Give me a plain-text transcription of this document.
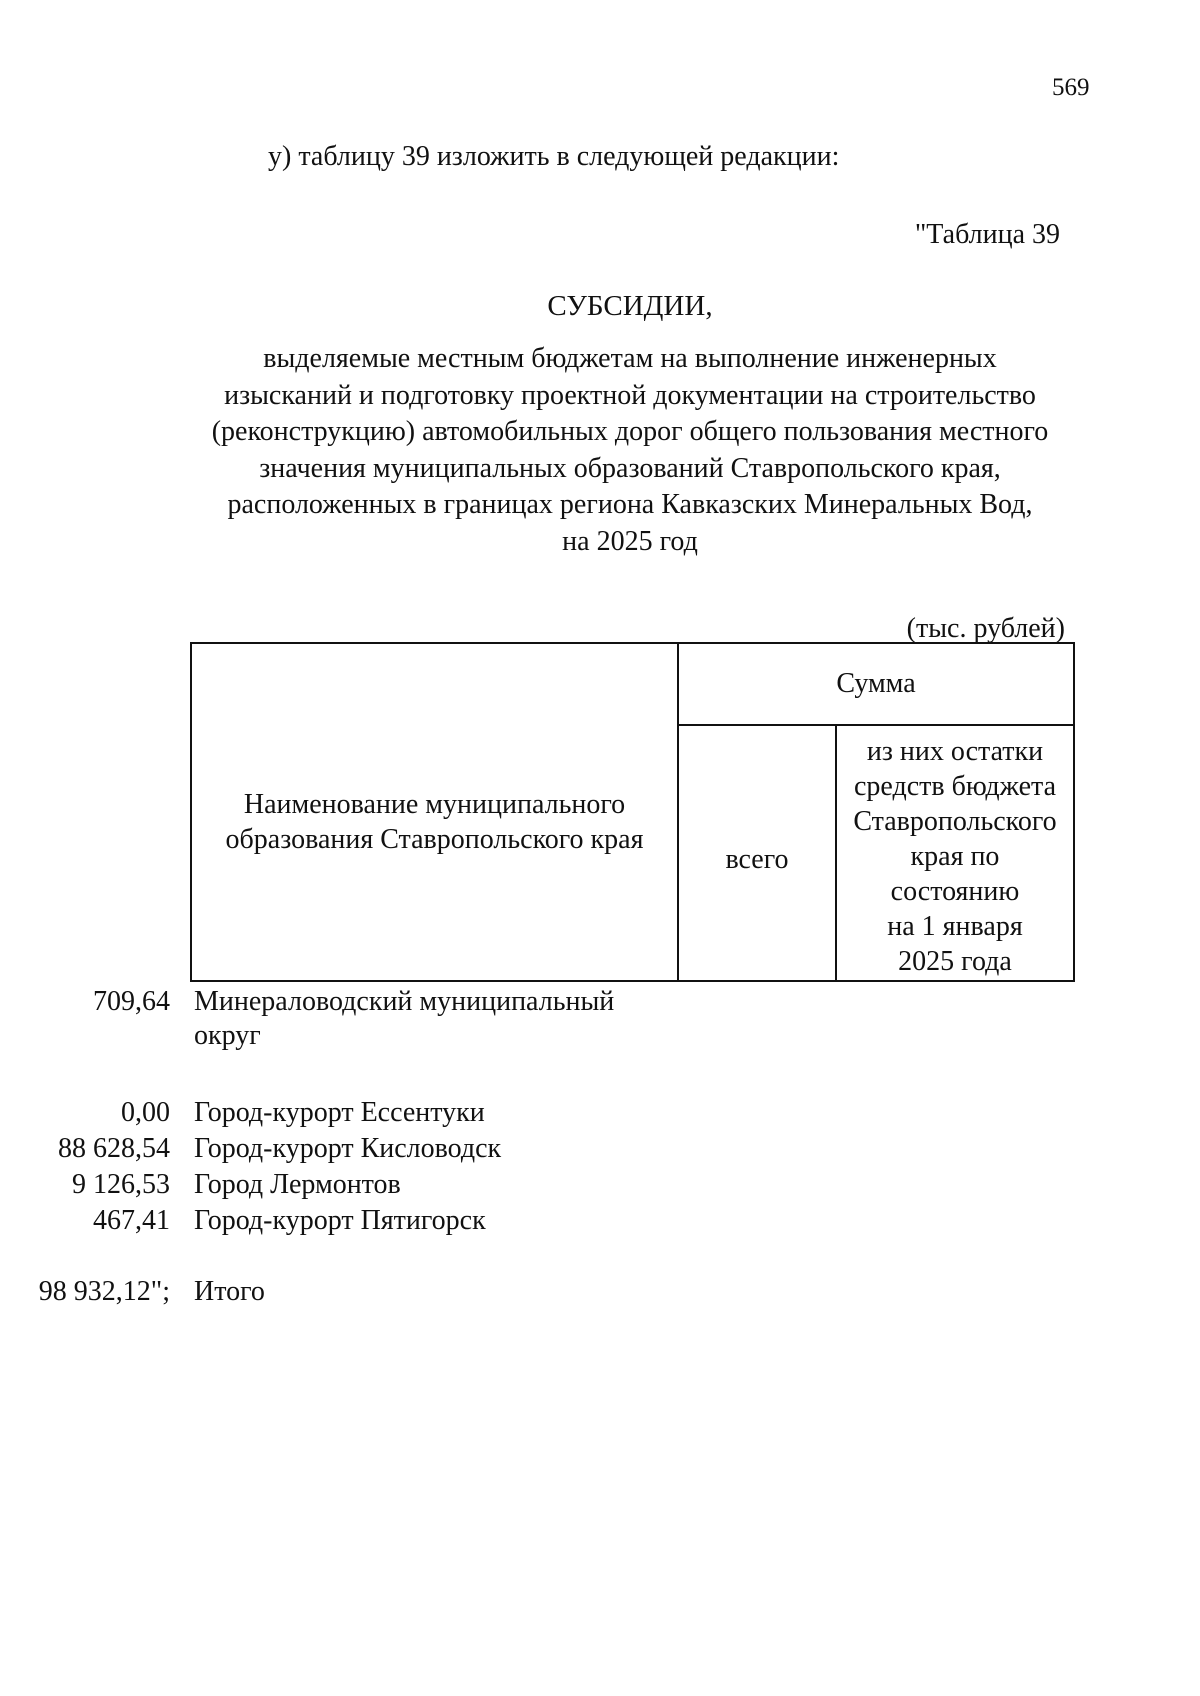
569
у) таблицу 39 изложить в следующей редакции:
"Таблица 39
СУБСИДИИ,
выделяемые местным бюджетам на выполнение инженерных
изысканий и подготовку проектной документации на строительство
(реконструкцию) автомобильных дорог общего пользования местного
значения муниципальных образований Ставропольского края,
расположенных в границах региона Кавказских Минеральных Вод,
на 2025 год
(тыс. рублей)
Наименование муниципального образования Ставропольского края
Сумма
всего
из них остатки
средств бюджета
Ставропольского
края по
состоянию
на 1 января
2025 года
Минераловодский муниципальный округ
709,64
Город-курорт Ессентуки
0,00
Город-курорт Кисловодск
88 628,54
Город Лермонтов
9 126,53
Город-курорт Пятигорск
467,41
Итого
98 932,12";
